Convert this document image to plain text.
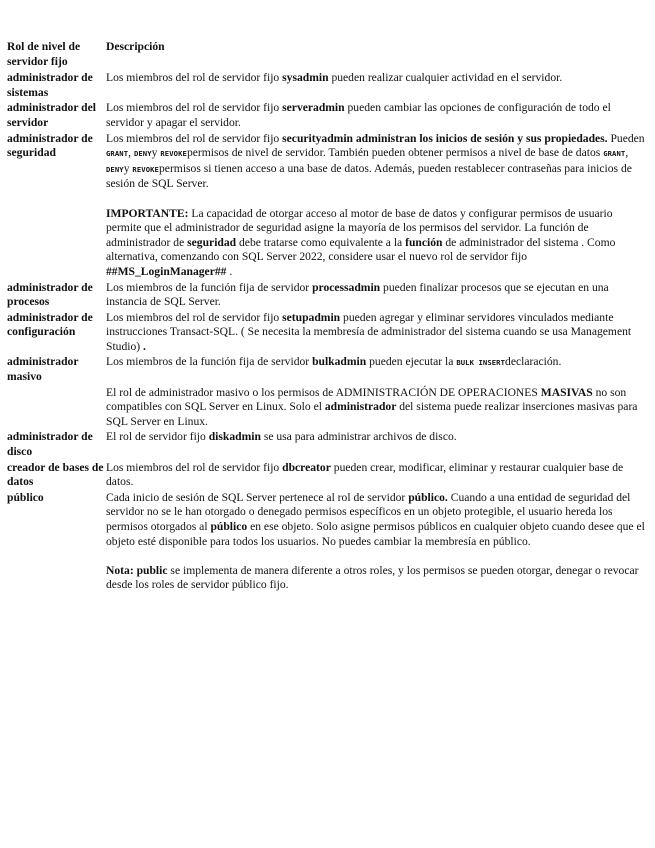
Rol de nivel de servidor fijo	Descripción
administrador de sistemas	Los miembros del rol de servidor fijo sysadmin pueden realizar cualquier actividad en el servidor.

administrador del servidor	Los miembros del rol de servidor fijo serveradmin pueden cambiar las opciones de configuración de todo el servidor y apagar el servidor.

administrador de seguridad	Los miembros del rol de servidor fijo securityadmin administran los inicios de sesión y sus propiedades. Pueden GRANT, DENYy REVOKEpermisos de nivel de servidor. También pueden obtener permisos a nivel de base de datos GRANT, DENYy REVOKEpermisos si tienen acceso a una base de datos. Además, pueden restablecer contraseñas para inicios de sesión de SQL Server.

IMPORTANTE: La capacidad de otorgar acceso al motor de base de datos y configurar permisos de usuario permite que el administrador de seguridad asigne la mayoría de los permisos del servidor. La función de administrador de seguridad debe tratarse como equivalente a la función de administrador del sistema . Como alternativa, comenzando con SQL Server 2022, considere usar el nuevo rol de servidor fijo ##MS_LoginManager## .

administrador de procesos	Los miembros de la función fija de servidor processadmin pueden finalizar procesos que se ejecutan en una instancia de SQL Server.

administrador de configuración	Los miembros del rol de servidor fijo setupadmin pueden agregar y eliminar servidores vinculados mediante instrucciones Transact-SQL. ( Se necesita la membresía de administrador del sistema cuando se usa Management Studio) .

administrador masivo	Los miembros de la función fija de servidor bulkadmin pueden ejecutar la BULK INSERTdeclaración.

El rol de administrador masivo o los permisos de ADMINISTRACIÓN DE OPERACIONES MASIVAS no son compatibles con SQL Server en Linux. Solo el administrador del sistema puede realizar inserciones masivas para SQL Server en Linux.

administrador de disco	El rol de servidor fijo diskadmin se usa para administrar archivos de disco.

creador de bases de datos	Los miembros del rol de servidor fijo dbcreator pueden crear, modificar, eliminar y restaurar cualquier base de datos.

público	Cada inicio de sesión de SQL Server pertenece al rol de servidor público. Cuando a una entidad de seguridad del servidor no se le han otorgado o denegado permisos específicos en un objeto protegible, el usuario hereda los permisos otorgados al público en ese objeto. Solo asigne permisos públicos en cualquier objeto cuando desee que el objeto esté disponible para todos los usuarios. No puedes cambiar la membresía en público.

Nota: public se implementa de manera diferente a otros roles, y los permisos se pueden otorgar, denegar o revocar desde los roles de servidor público fijo.
